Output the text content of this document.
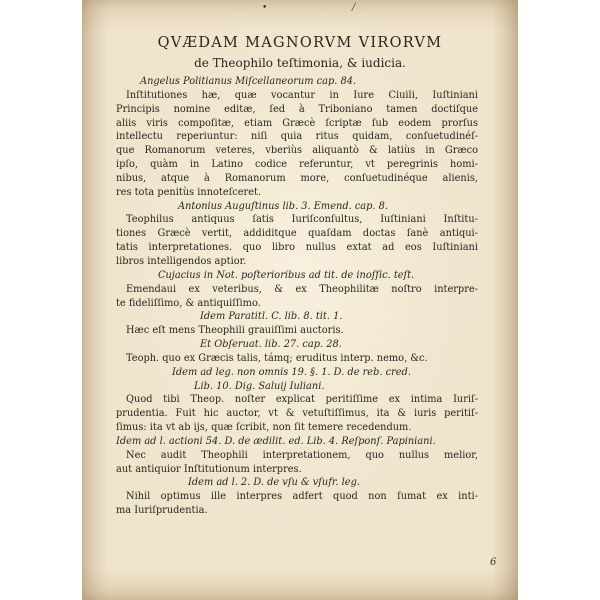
•	/
QVÆDAM MAGNORVM VIRORVM
de Theophilo teſtimonia, & iudicia.
Angelus Politianus Miſcellaneorum cap. 84.
Inſtitutiones hæ, quæ vocantur in Iure Ciuili, Iuſtiniani
Principis nomine editæ, ſed à Triboniano tamen doctiſque
aliis viris compoſitæ, etiam Græcè ſcriptæ ſub eodem prorſus
intellectu reperiuntur: niſi quia ritus quidam, conſuetudinéſ-
que Romanorum veteres, vberiùs aliquantò & latiùs in Græco
ipſo, quàm in Latino codice referuntur, vt peregrinis homi-
nibus, atque à Romanorum more, conſuetudinéque alienis,
res tota penitùs innoteſceret.
Antonius Auguſtinus lib. 3. Emend. cap. 8.
Teophilus antiquus ſatis Iuriſconſultus, Iuſtiniani Inſtitu-
tiones Græcè vertit, addiditque quaſdam doctas ſanè antiqui-
tatis interpretationes. quo libro nullus extat ad eos Iuſtiniani
libros intelligendos aptior.
Cujacius in Not. poſterioribus ad tit. de inoſſic. teſt.
Emendaui ex veteribus, & ex Theophilitæ noſtro interpre-
te fideliſſimo, & antiquiſſimo.
Idem Paratitl. C. lib. 8. tit. 1.
Hæc eſt mens Theophili grauiſſimi auctoris.
Et Obſeruat. lib. 27. cap. 28.
Teoph. quo ex Græcis talis, támq; eruditus interp. nemo, &c.
Idem ad leg. non omnis 19. §. 1. D. de reb. cred.
Lib. 10. Dig. Saluij Iuliani.
Quod tibi Theop. noſter explicat peritiſſime ex intima Iuriſ-
prudentia. Fuit hic auctor, vt & vetuſtiſſimus, ita & iuris peritiſ-
ſimus: ita vt ab ijs, quæ ſcribit, non ſit temere recedendum.
Idem ad l. actioni 54. D. de ædilit. ed. Lib. 4. Reſponſ. Papiniani.
Nec audit Theophili interpretationem, quo nullus melior,
aut antiquior Inſtitutionum interpres.
Idem ad l. 2. D. de vſu & vſufr. leg.
Nihil optimus ille interpres adfert quod non ſumat ex inti-
ma Iuriſprudentia.
6
